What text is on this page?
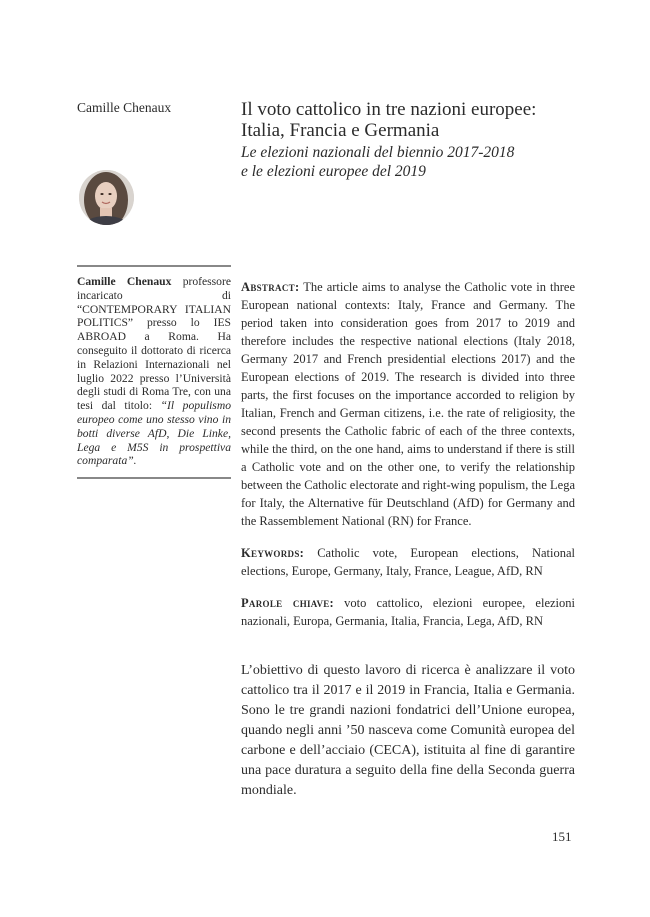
Camille Chenaux	Il voto cattolico in tre nazioni europee:
Italia, Francia e Germania

Le elezioni nazionali del biennio 2017-2018
e le elezioni europee del 2019

Camille Chenaux professore incaricato di “CONTEMPORARY ITALIAN POLITICS” presso lo IES ABROAD a Roma. Ha conseguito il dottorato di ricerca in Relazioni Internazionali nel luglio 2022 presso l’Università degli studi di Roma Tre, con una tesi dal titolo: “Il populismo europeo come uno stesso vino in botti diverse AfD, Die Linke, Lega e M5S in prospettiva comparata”.

Abstract: The article aims to analyse the Catholic vote in three European national contexts: Italy, France and Germany. The period taken into consideration goes from 2017 to 2019 and therefore includes the respective national elections (Italy 2018, Germany 2017 and French presidential elections 2017) and the European elections of 2019. The research is divided into three parts, the first focuses on the importance accorded to religion by Italian, French and German citizens, i.e. the rate of religiosity, the second presents the Catholic fabric of each of the three contexts, while the third, on the one hand, aims to understand if there is still a Catholic vote and on the other one, to verify the relationship between the Catholic electorate and right-wing populism, the Lega for Italy, the Alternative für Deutschland (AfD) for Germany and the Rassemblement National (RN) for France.

Keywords: Catholic vote, European elections, National elections, Europe, Germany, Italy, France, League, AfD, RN

Parole chiave: voto cattolico, elezioni europee, elezioni nazionali, Europa, Germania, Italia, Francia, Lega, AfD, RN

L’obiettivo di questo lavoro di ricerca è analizzare il voto cattolico tra il 2017 e il 2019 in Francia, Italia e Germania. Sono le tre grandi nazioni fondatrici dell’Unione europea, quando negli anni ’50 nasceva come Comunità europea del carbone e dell’acciaio (CECA), istituita al fine di garantire una pace duratura a seguito della fine della Seconda guerra mondiale.
151
